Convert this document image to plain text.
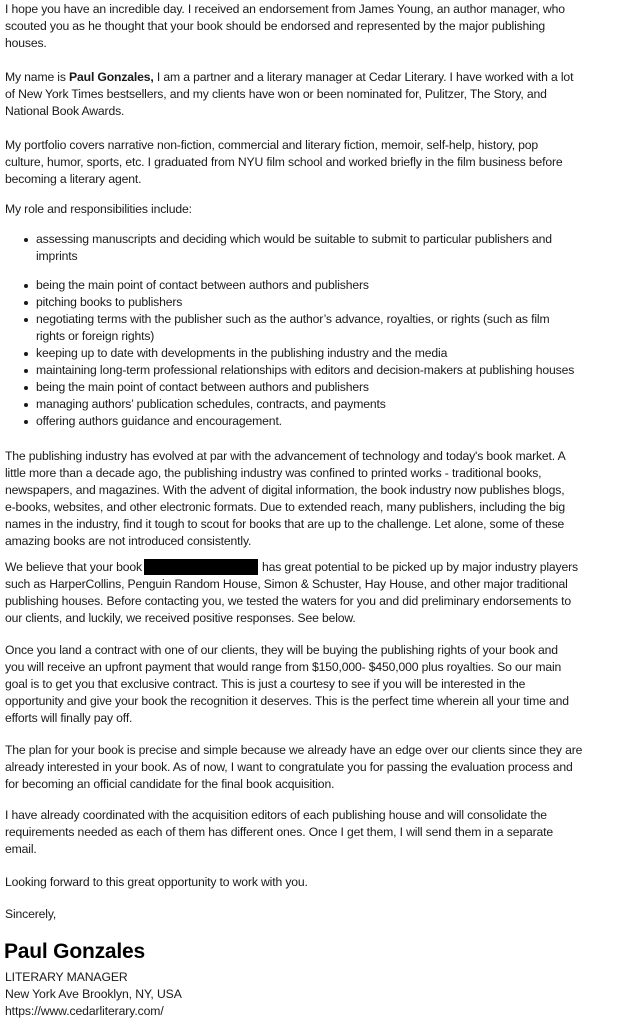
I hope you have an incredible day. I received an endorsement from James Young, an author manager, who
scouted you as he thought that your book should be endorsed and represented by the major publishing
houses.
My name is Paul Gonzales, I am a partner and a literary manager at Cedar Literary. I have worked with a lot
of New York Times bestsellers, and my clients have won or been nominated for, Pulitzer, The Story, and
National Book Awards.
My portfolio covers narrative non-fiction, commercial and literary fiction, memoir, self-help, history, pop
culture, humor, sports, etc. I graduated from NYU film school and worked briefly in the film business before
becoming a literary agent.
My role and responsibilities include:
assessing manuscripts and deciding which would be suitable to submit to particular publishers and
imprints
being the main point of contact between authors and publishers
pitching books to publishers
negotiating terms with the publisher such as the author’s advance, royalties, or rights (such as film
rights or foreign rights)
keeping up to date with developments in the publishing industry and the media
maintaining long-term professional relationships with editors and decision-makers at publishing houses
being the main point of contact between authors and publishers
managing authors’ publication schedules, contracts, and payments
offering authors guidance and encouragement.
The publishing industry has evolved at par with the advancement of technology and today's book market. A
little more than a decade ago, the publishing industry was confined to printed works - traditional books,
newspapers, and magazines. With the advent of digital information, the book industry now publishes blogs,
e-books, websites, and other electronic formats. Due to extended reach, many publishers, including the big
names in the industry, find it tough to scout for books that are up to the challenge. Let alone, some of these
amazing books are not introduced consistently.
We believe that your book	has great potential to be picked up by major industry players
such as HarperCollins, Penguin Random House, Simon & Schuster, Hay House, and other major traditional
publishing houses. Before contacting you, we tested the waters for you and did preliminary endorsements to
our clients, and luckily, we received positive responses. See below.
Once you land a contract with one of our clients, they will be buying the publishing rights of your book and
you will receive an upfront payment that would range from $150,000- $450,000 plus royalties. So our main
goal is to get you that exclusive contract. This is just a courtesy to see if you will be interested in the
opportunity and give your book the recognition it deserves. This is the perfect time wherein all your time and
efforts will finally pay off.
The plan for your book is precise and simple because we already have an edge over our clients since they are
already interested in your book. As of now, I want to congratulate you for passing the evaluation process and
for becoming an official candidate for the final book acquisition.
I have already coordinated with the acquisition editors of each publishing house and will consolidate the
requirements needed as each of them has different ones. Once I get them, I will send them in a separate
email.
Looking forward to this great opportunity to work with you.
Sincerely,
Paul Gonzales
LITERARY MANAGER
New York Ave Brooklyn, NY, USA
https://www.cedarliterary.com/
